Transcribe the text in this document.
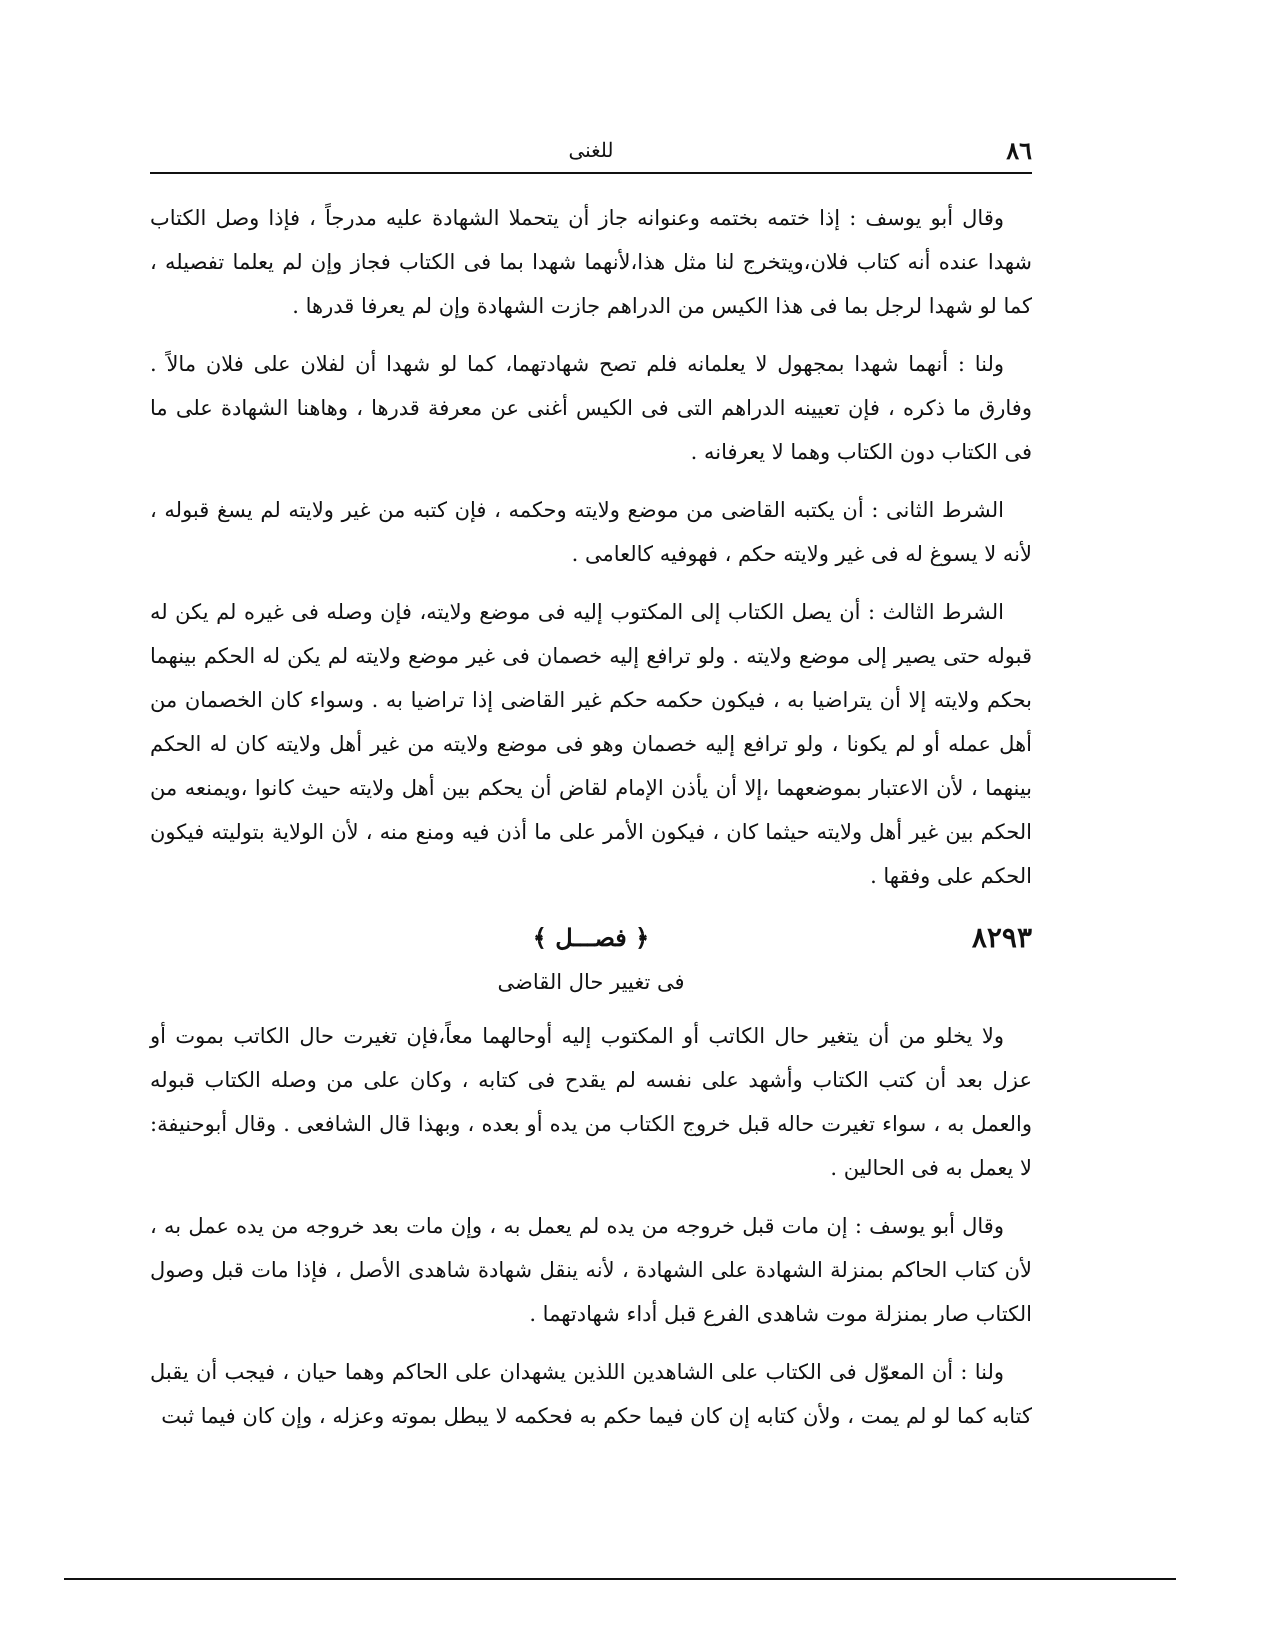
٨٦
للغنى

وقال أبو يوسف : إذا ختمه بختمه وعنوانه جاز أن يتحملا الشهادة عليه مدرجاً ، فإذا وصل الكتاب شهدا عنده أنه كتاب فلان،ويتخرج لنا مثل هذا،لأنهما شهدا بما فى الكتاب فجاز وإن لم يعلما تفصيله ، كما لو شهدا لرجل بما فى هذا الكيس من الدراهم جازت الشهادة وإن لم يعرفا قدرها .

ولنا : أنهما شهدا بمجهول لا يعلمانه فلم تصح شهادتهما، كما لو شهدا أن لفلان على فلان مالاً . وفارق ما ذكره ، فإن تعيينه الدراهم التى فى الكيس أغنى عن معرفة قدرها ، وهاهنا الشهادة على ما فى الكتاب دون الكتاب وهما لا يعرفانه .

الشرط الثانى : أن يكتبه القاضى من موضع ولايته وحكمه ، فإن كتبه من غير ولايته لم يسغ قبوله ، لأنه لا يسوغ له فى غير ولايته حكم ، فهوفيه كالعامى .

الشرط الثالث : أن يصل الكتاب إلى المكتوب إليه فى موضع ولايته، فإن وصله فى غيره لم يكن له قبوله حتى يصير إلى موضع ولايته . ولو ترافع إليه خصمان فى غير موضع ولايته لم يكن له الحكم بينهما بحكم ولايته إلا أن يتراضيا به ، فيكون حكمه حكم غير القاضى إذا تراضيا به . وسواء كان الخصمان من أهل عمله أو لم يكونا ، ولو ترافع إليه خصمان وهو فى موضع ولايته من غير أهل ولايته كان له الحكم بينهما ، لأن الاعتبار بموضعهما ،إلا أن يأذن الإمام لقاض أن يحكم بين أهل ولايته حيث كانوا ،ويمنعه من الحكم بين غير أهل ولايته حيثما كان ، فيكون الأمر على ما أذن فيه ومنع منه ، لأن الولاية بتوليته فيكون الحكم على وفقها .

٨٢٩٣
﴿ فصـــل ﴾
فى تغيير حال القاضى

ولا يخلو من أن يتغير حال الكاتب أو المكتوب إليه أوحالهما معاً،فإن تغيرت حال الكاتب بموت أو عزل بعد أن كتب الكتاب وأشهد على نفسه لم يقدح فى كتابه ، وكان على من وصله الكتاب قبوله والعمل به ، سواء تغيرت حاله قبل خروج الكتاب من يده أو بعده ، وبهذا قال الشافعى . وقال أبوحنيفة: لا يعمل به فى الحالين .

وقال أبو يوسف : إن مات قبل خروجه من يده لم يعمل به ، وإن مات بعد خروجه من يده عمل به ، لأن كتاب الحاكم بمنزلة الشهادة على الشهادة ، لأنه ينقل شهادة شاهدى الأصل ، فإذا مات قبل وصول الكتاب صار بمنزلة موت شاهدى الفرع قبل أداء شهادتهما .

ولنا : أن المعوّل فى الكتاب على الشاهدين اللذين يشهدان على الحاكم وهما حيان ، فيجب أن يقبل كتابه كما لو لم يمت ، ولأن كتابه إن كان فيما حكم به فحكمه لا يبطل بموته وعزله ، وإن كان فيما ثبت
